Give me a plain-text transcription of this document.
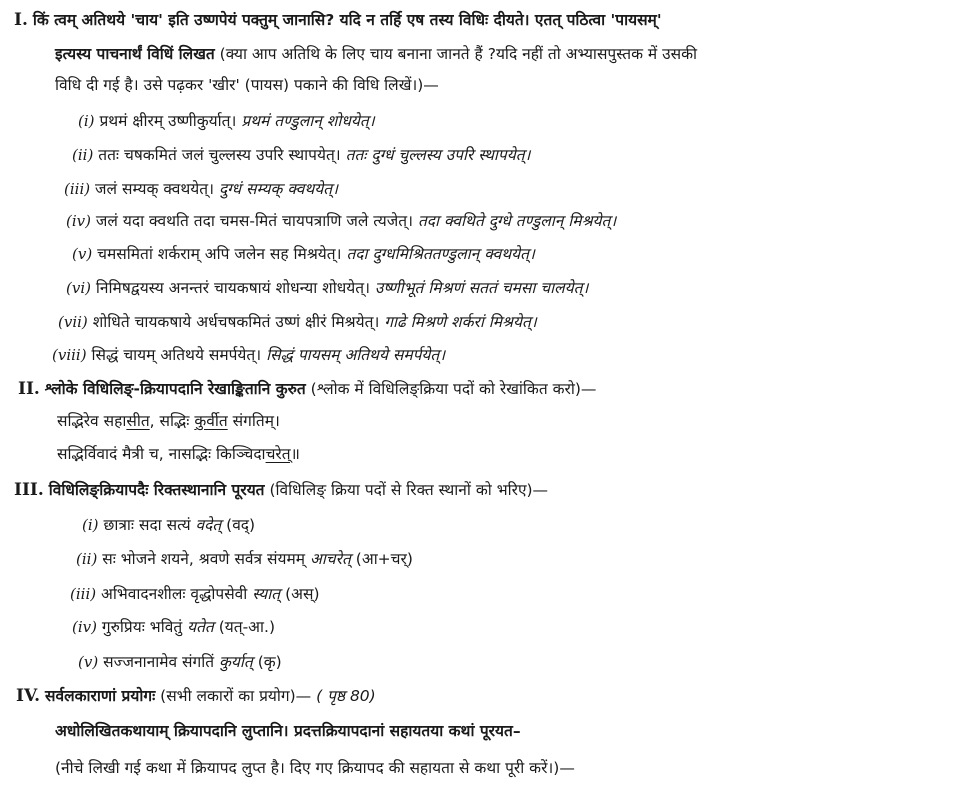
I. किं त्वम् अतिथये 'चाय' इति उष्णपेयं पक्तुम् जानासि? यदि न तर्हि एष तस्य विधिः दीयते। एतत् पठित्वा 'पायसम्'
इत्यस्य पाचनार्थं विधिं लिखत (क्या आप अतिथि के लिए चाय बनाना जानते हैं ?यदि नहीं तो अभ्यासपुस्तक में उसकी
विधि दी गई है। उसे पढ़कर 'खीर' (पायस) पकाने की विधि लिखें।)—
(i) प्रथमं क्षीरम् उष्णीकुर्यात्। प्रथमं तण्डुलान् शोधयेत्।
(ii) ततः चषकमितं जलं चुल्लस्य उपरि स्थापयेत्। ततः दुग्धं चुल्लस्य उपरि स्थापयेत्।
(iii) जलं सम्यक् क्वथयेत्। दुग्धं सम्यक् क्वथयेत्।
(iv) जलं यदा क्वथति तदा चमस-मितं चायपत्राणि जले त्यजेत्। तदा क्वथिते दुग्धे तण्डुलान् मिश्रयेत्।
(v) चमसमितां शर्कराम् अपि जलेन सह मिश्रयेत्। तदा दुग्धमिश्रिततण्डुलान् क्वथयेत्।
(vi) निमिषद्वयस्य अनन्तरं चायकषायं शोधन्या शोधयेत्। उष्णीभूतं मिश्रणं सततं चमसा चालयेत्।
(vii) शोधिते चायकषाये अर्धचषकमितं उष्णं क्षीरं मिश्रयेत्। गाढे मिश्रणे शर्करां मिश्रयेत्।
(viii) सिद्धं चायम् अतिथये समर्पयेत्। सिद्धं पायसम् अतिथये समर्पयेत्।
II. श्लोके विधिलिङ्-क्रियापदानि रेखाङ्कितानि कुरुत (श्लोक में विधिलिङ्क्रिया पदों को रेखांकित करो)—
सद्भिरेव सहासीत, सद्भिः कुर्वीत संगतिम्।
सद्भिर्विवादं मैत्री च, नासद्भिः किञ्चिदाचरेत्॥
III. विधिलिङ्क्रियापदैः रिक्तस्थानानि पूरयत (विधिलिङ् क्रिया पदों से रिक्त स्थानों को भरिए)—
(i) छात्राः सदा सत्यं वदेत् (वद्)
(ii) सः भोजने शयने, श्रवणे सर्वत्र संयमम् आचरेत् (आ+चर्)
(iii) अभिवादनशीलः वृद्धोपसेवी स्यात् (अस्)
(iv) गुरुप्रियः भवितुं यतेत (यत्-आ.)
(v) सज्जनानामेव संगतिं कुर्यात् (कृ)
IV. सर्वलकाराणां प्रयोगः (सभी लकारों का प्रयोग)— ( पृष्ठ 80)
अधोलिखितकथायाम् क्रियापदानि लुप्तानि। प्रदत्तक्रियापदानां सहायतया कथां पूरयत–
(नीचे लिखी गई कथा में क्रियापद लुप्त है। दिए गए क्रियापद की सहायता से कथा पूरी करें।)—
